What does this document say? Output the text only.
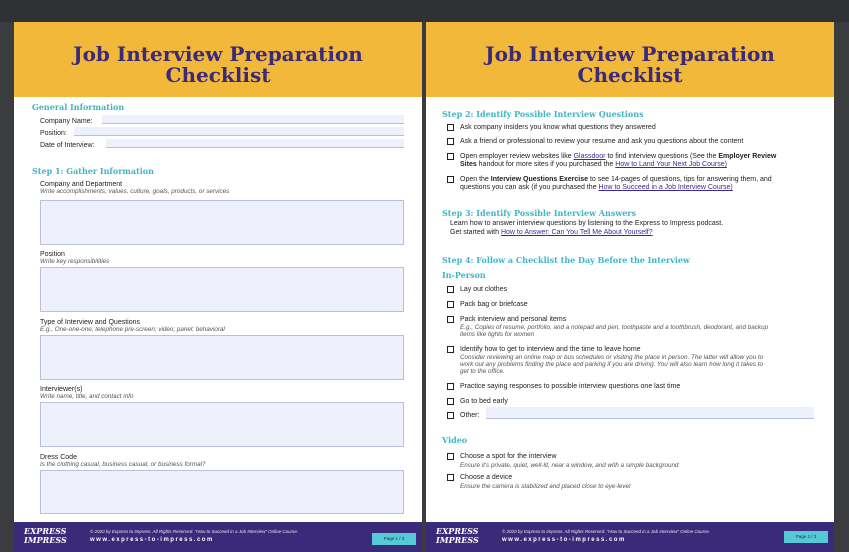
Job Interview Preparation
Checklist
General Information
Company Name:
Position:
Date of Interview:
Step 1: Gather Information
Company and Department
Write accomplishments, values, culture, goals, products, or services
Position
Write key responsibilities
Type of Interview and Questions
E.g., One-one-one; telephone pre-screen; video; panel; behavioral
Interviewer(s)
Write name, title, and contact info
Dress Code
Is the clothing casual, business casual, or business formal?
EXPRESS
IMPRESS
© 2020 by Express to Impress. All Rights Reserved. "How to Succeed in a Job Interview" Online Course.
www.express-to-impress.com	Page 1 / 3
Job Interview Preparation
Checklist
Step 2: Identify Possible Interview Questions
Ask company insiders you know what questions they answered
Ask a friend or professional to review your resume and ask you questions about the content
Open employer review websites like Glassdoor to find interview questions (See the Employer Review
Sites handout for more sites if you purchased the How to Land Your Next Job Course)
Open the Interview Questions Exercise to see 14-pages of questions, tips for answering them, and
questions you can ask (if you purchased the How to Succeed in a Job Interview Course)
Step 3: Identify Possible Interview Answers
Learn how to answer interview questions by listening to the Express to Impress podcast.
Get started with How to Answer: Can You Tell Me About Yourself?
Step 4: Follow a Checklist the Day Before the Interview
In-Person
Lay out clothes
Pack bag or briefcase
Pack interview and personal items
E.g., Copies of resume, portfolio, and a notepad and pen, toothpaste and a toothbrush, deodorant, and backup
items like tights for women
Identify how to get to interview and the time to leave home
Consider reviewing an online map or bus schedules or visiting the place in person. The latter will allow you to
work out any problems finding the place and parking if you are driving. You will also learn how long it takes to
get to the office.
Practice saying responses to possible interview questions one last time
Go to bed early
Other:
Video
Choose a spot for the interview
Ensure it's private, quiet, well-lit, near a window, and with a simple background
Choose a device
Ensure the camera is stabilized and placed close to eye-level
EXPRESS
IMPRESS
© 2020 by Express to Impress. All Rights Reserved. "How to Succeed in a Job Interview" Online Course.
www.express-to-impress.com
Page 2 / 3
